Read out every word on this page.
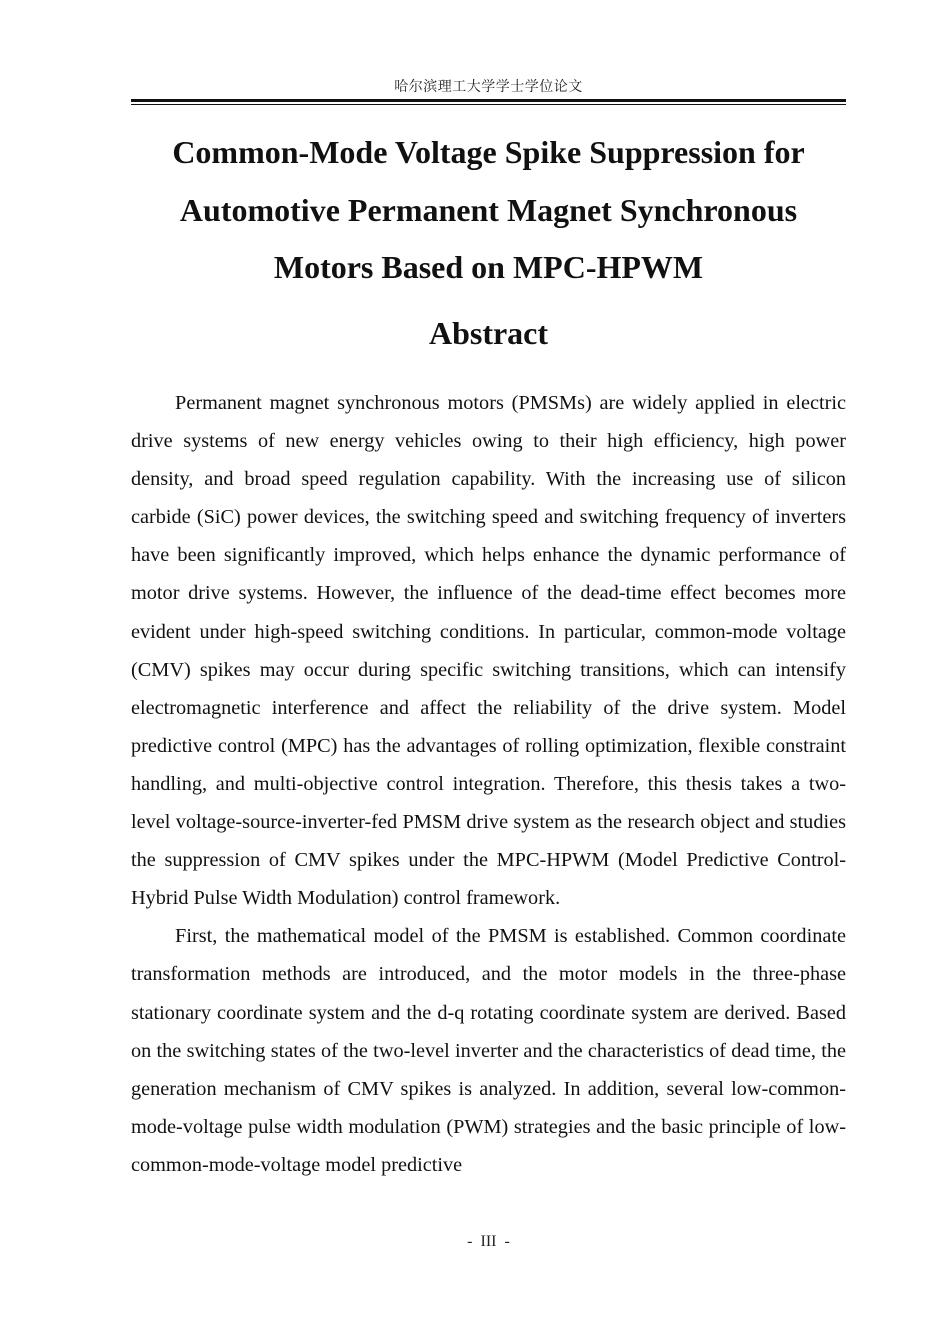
哈尔滨理工大学学士学位论文
Common-Mode Voltage Spike Suppression for
Automotive Permanent Magnet Synchronous
Motors Based on MPC-HPWM
Abstract

Permanent magnet synchronous motors (PMSMs) are widely applied in electric drive systems of new energy vehicles owing to their high efficiency, high power density, and broad speed regulation capability. With the increasing use of silicon carbide (SiC) power devices, the switching speed and switching frequency of inverters have been significantly improved, which helps enhance the dynamic performance of motor drive systems. However, the influence of the dead-time effect becomes more evident under high-speed switching conditions. In particular, common-mode voltage (CMV) spikes may occur during specific switching transitions, which can intensify electromagnetic interference and affect the reliability of the drive system. Model predictive control (MPC) has the advantages of rolling optimization, flexible constraint handling, and multi-objective control integration. Therefore, this thesis takes a two-level voltage-source-inverter-fed PMSM drive system as the research object and studies the suppression of CMV spikes under the MPC-HPWM (Model Predictive Control-Hybrid Pulse Width Modulation) control framework.

First, the mathematical model of the PMSM is established. Common coordinate transformation methods are introduced, and the motor models in the three-phase stationary coordinate system and the d-q rotating coordinate system are derived. Based on the switching states of the two-level inverter and the characteristics of dead time, the generation mechanism of CMV spikes is analyzed. In addition, several low-common-mode-voltage pulse width modulation (PWM) strategies and the basic principle of low-common-mode-voltage model predictive

- III -
